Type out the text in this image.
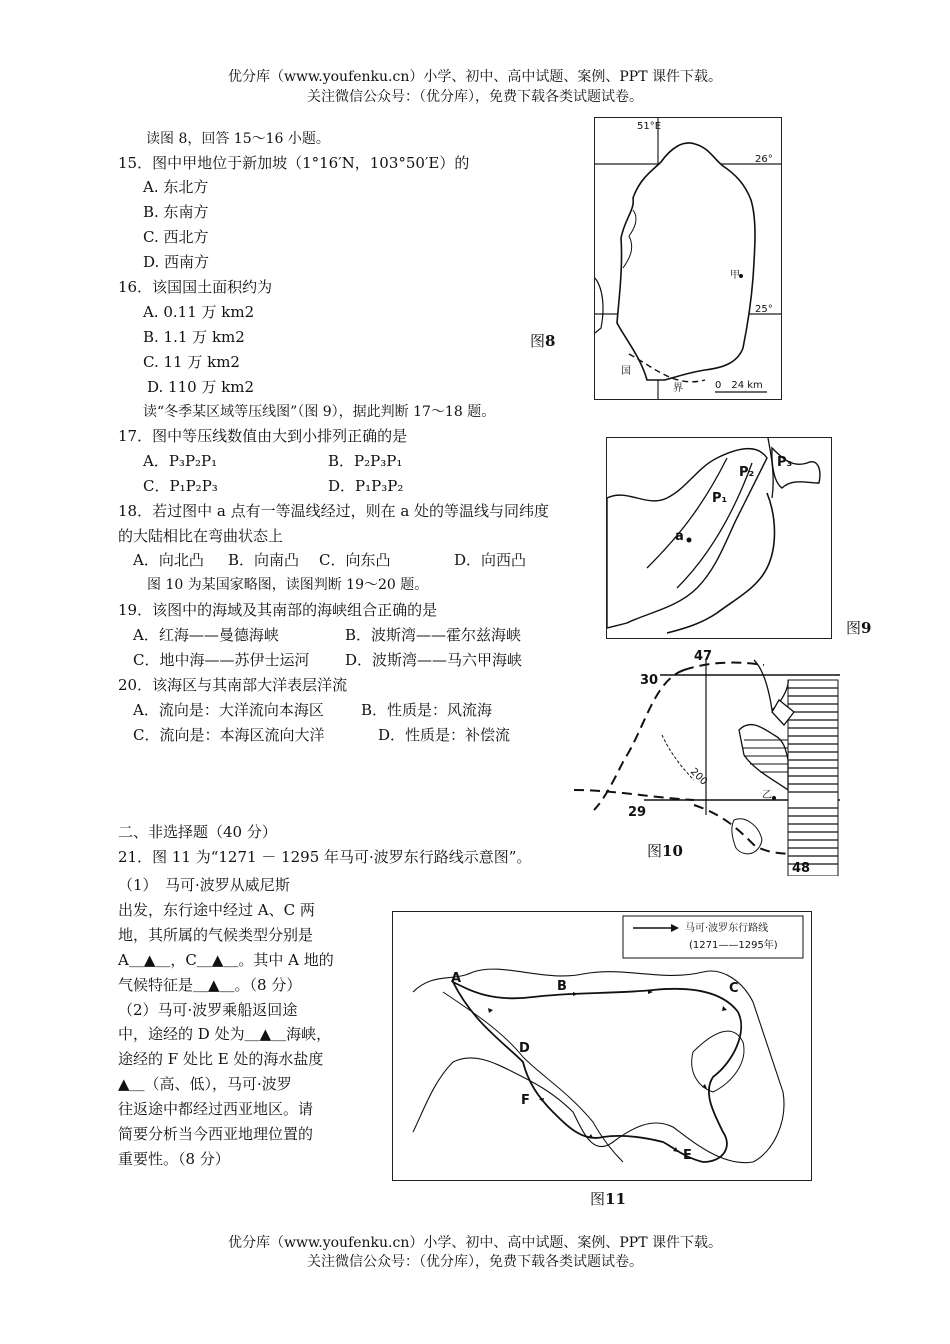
优分库（www.youfenku.cn）小学、初中、高中试题、案例、PPT 课件下载。
关注微信公众号：（优分库），免费下载各类试题试卷。
读图 8，回答 15～16 小题。
15．图中甲地位于新加坡（1°16′N，103°50′E）的
A. 东北方
B. 东南方
C. 西北方
D. 西南方
16．该国国土面积约为
A. 0.11 万 km2
B. 1.1 万 km2
C. 11 万 km2
D. 110 万 km2
图8
甲
51°E
26°
25°
国
界	0　24 km
读“冬季某区域等压线图”（图 9），据此判断 17～18 题。
17．图中等压线数值由大到小排列正确的是
A．P₃P₂P₁	B．P₂P₃P₁
C．P₁P₂P₃	D．P₁P₃P₂
18．若过图中 a 点有一等温线经过，则在 a 处的等温线与同纬度
的大陆相比在弯曲状态上
A．向北凸 B．向南凸 C．向东凸	D．向西凸
a
P₁
P₂
P₃
图9
图 10 为某国家略图，读图判断 19～20 题。
19．该图中的海域及其南部的海峡组合正确的是
A．红海——曼德海峡	B．波斯湾——霍尔兹海峡
C．地中海——苏伊士运河 D．波斯湾——马六甲海峡
20．该海区与其南部大洋表层洋流
A．流向是：大洋流向本海区 B．性质是：风流海
C．流向是：本海区流向大洋	D．性质是：补偿流
乙
47
48
30
29
200
图10
二、非选择题（40 分）
21．图 11 为“1271 － 1295 年马可·波罗东行路线示意图”。
（1）　马可·波罗从威尼斯
出发，东行途中经过 A、C 两
地，其所属的气候类型分别是
A＿▲＿，C＿▲＿。其中 A 地的
气候特征是＿▲＿。（8 分）
（2）马可·波罗乘船返回途
中，途经的 D 处为＿▲＿海峡，
途经的 F 处比 E 处的海水盐度
▲＿（高、低），马可·波罗
往返途中都经过西亚地区。请
简要分析当今西亚地理位置的
重要性。（8 分）
马可·波罗东行路线
(1271——1295年)
A
B	C
D
E
F
图11
优分库（www.youfenku.cn）小学、初中、高中试题、案例、PPT 课件下载。
关注微信公众号：（优分库），免费下载各类试题试卷。
